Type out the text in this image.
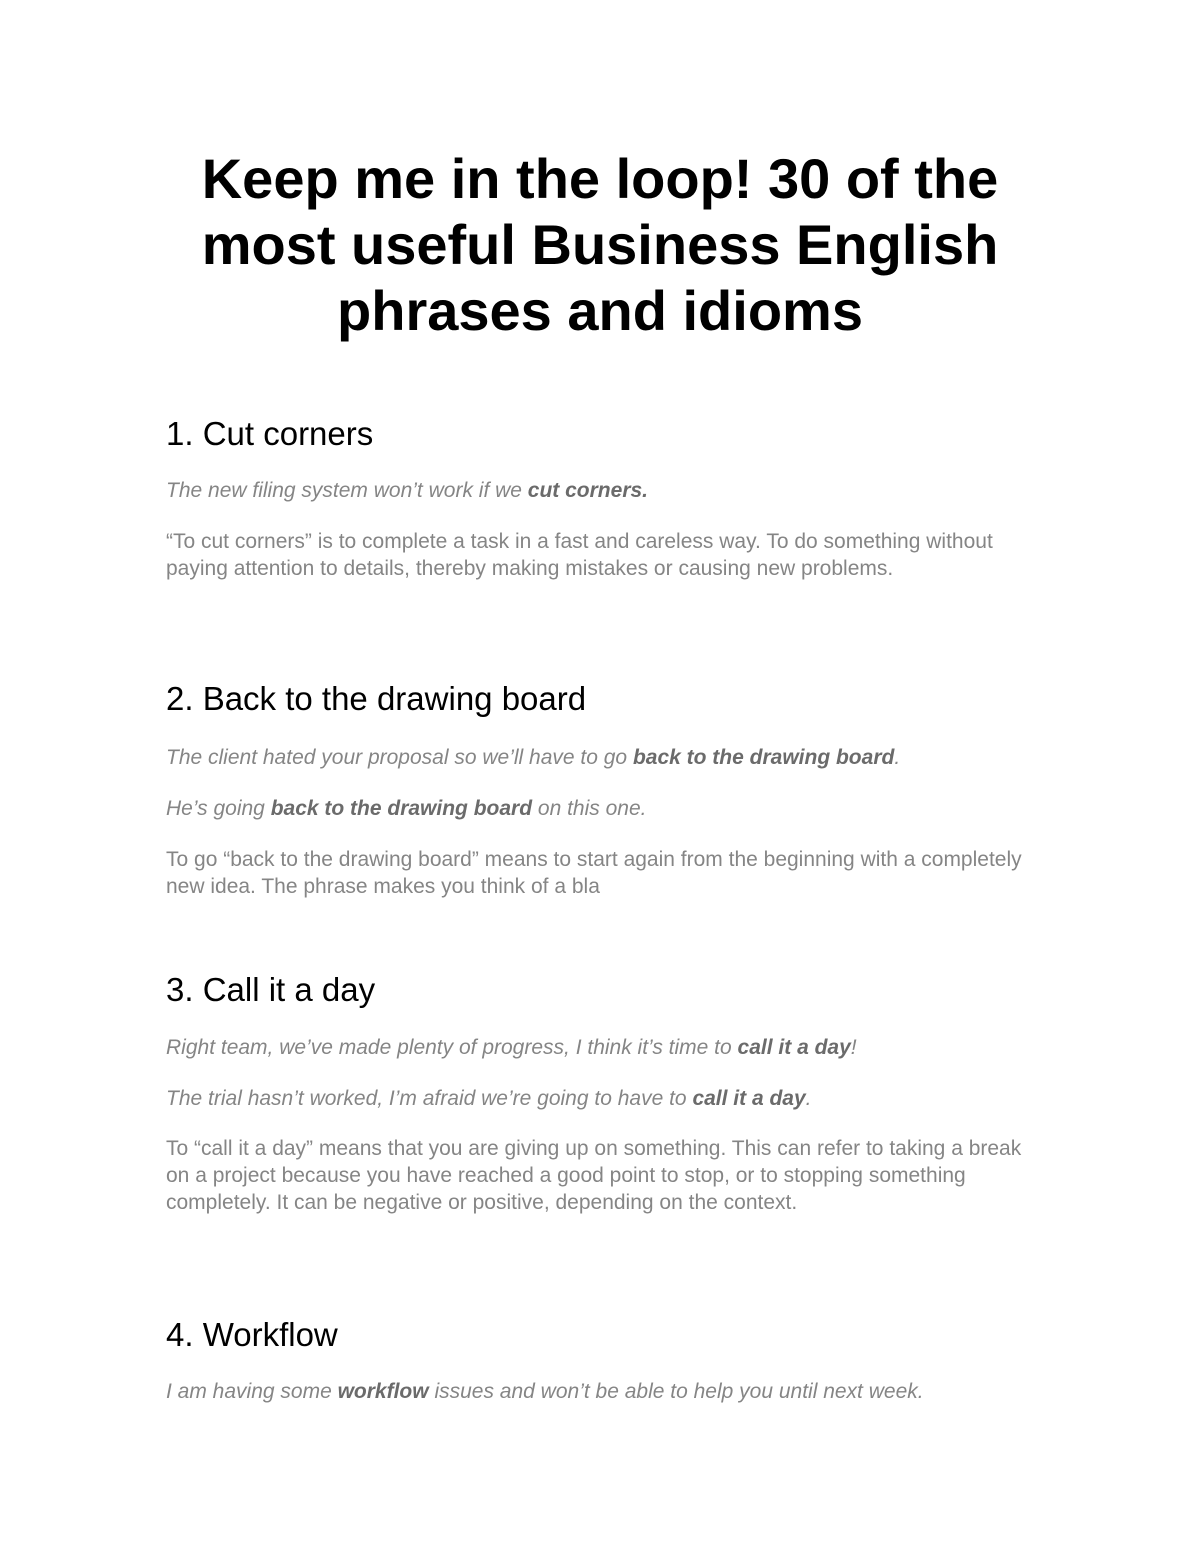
Keep me in the loop! 30 of the
most useful Business English
phrases and idioms
1. Cut corners

The new filing system won’t work if we cut corners.

“To cut corners” is to complete a task in a fast and careless way. To do something without paying attention to details, thereby making mistakes or causing new problems.

2. Back to the drawing board

The client hated your proposal so we’ll have to go back to the drawing board.

He’s going back to the drawing board on this one.

To go “back to the drawing board” means to start again from the beginning with a completely new idea. The phrase makes you think of a bla

3. Call it a day

Right team, we’ve made plenty of progress, I think it’s time to call it a day!

The trial hasn’t worked, I’m afraid we’re going to have to call it a day.

To “call it a day” means that you are giving up on something. This can refer to taking a break on a project because you have reached a good point to stop, or to stopping something completely. It can be negative or positive, depending on the context.

4. Workflow

I am having some workflow issues and won’t be able to help you until next week.
